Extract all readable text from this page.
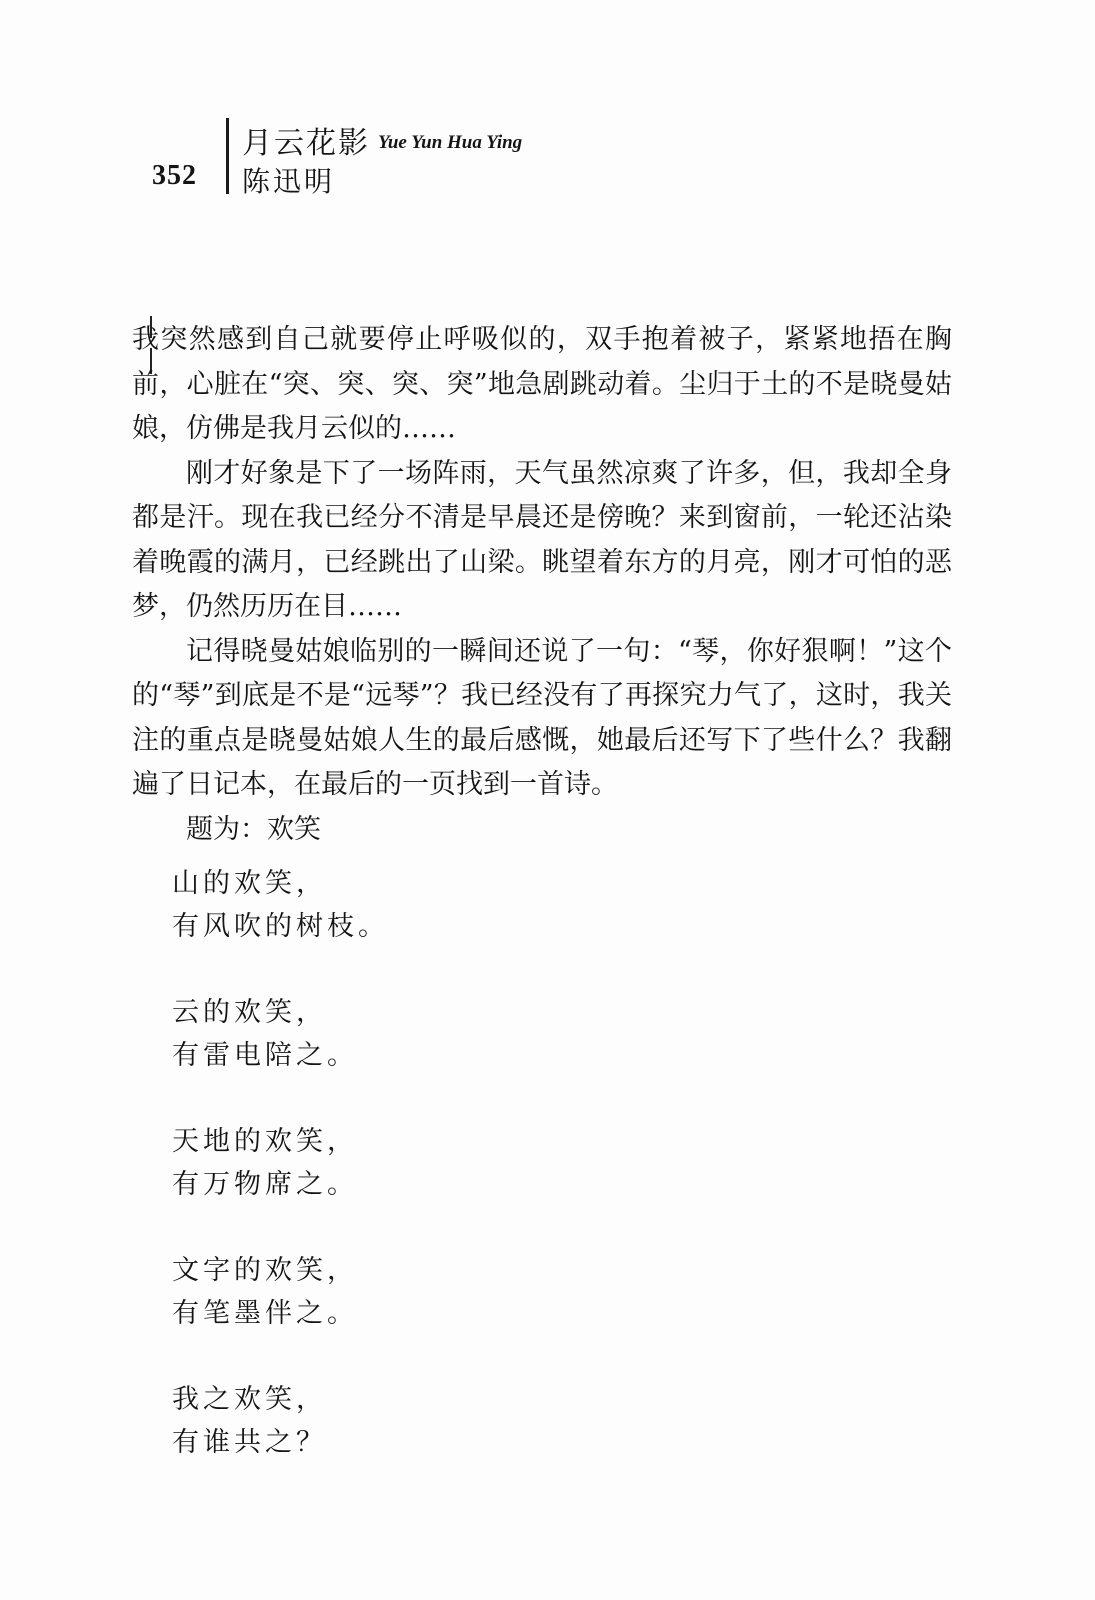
352
月云花影 Yue Yun Hua Ying
陈迅明

我突然感到自己就要停止呼吸似的，双手抱着被子，紧紧地捂在胸前，心脏在“突、突、突、突”地急剧跳动着。尘归于土的不是晓曼姑娘，仿佛是我月云似的……

刚才好象是下了一场阵雨，天气虽然凉爽了许多，但，我却全身都是汗。现在我已经分不清是早晨还是傍晚？来到窗前，一轮还沾染着晚霞的满月，已经跳出了山梁。眺望着东方的月亮，刚才可怕的恶梦，仍然历历在目……

记得晓曼姑娘临别的一瞬间还说了一句：“琴，你好狠啊！”这个的“琴”到底是不是“远琴”？我已经没有了再探究力气了，这时，我关注的重点是晓曼姑娘人生的最后感慨，她最后还写下了些什么？我翻遍了日记本，在最后的一页找到一首诗。

题为：欢笑

山的欢笑，
有风吹的树枝。
云的欢笑，
有雷电陪之。
天地的欢笑，
有万物席之。
文字的欢笑，
有笔墨伴之。
我之欢笑，
有谁共之？
